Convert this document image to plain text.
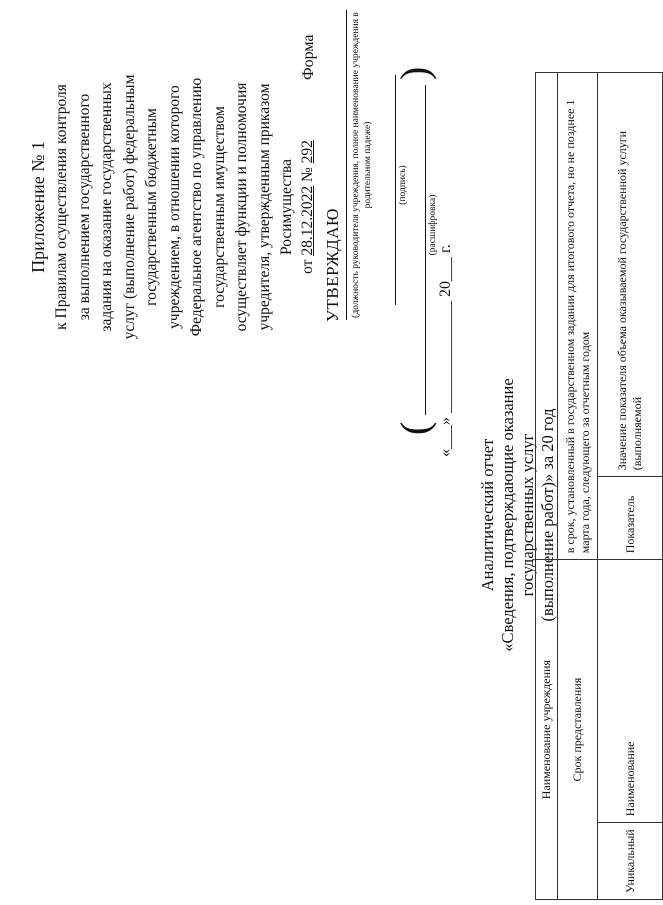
Приложение № 1 к Правилам осуществления контроля за выполнением государственного задания на оказание государственных услуг (выполнение работ) федеральным государственным бюджетным учреждением, в отношении которого Федеральное агентство по управлению государственным имуществом осуществляет функции и полномочия учредителя, утвержденным приказом Росимущества
от 28.12.2022 № 292
Форма
УТВЕРЖДАЮ (должность руководителя учреждения, полное наименование учреждения в родительном падеже)	(подпись)
(
)
(расшифровка)
«___» ______________ 20___ г.
Аналитический отчет «Сведения, подтверждающие оказание государственных услуг (выполнение работ)» за 20 год
Наименование учреждения			
Срок представления		в срок, установленный в государственном задании для итогового отчета, но не позднее 1 марта года, следующего за отчетным годом	
Уникальный	Наименование	Показатель	Значение показателя объема оказываемой государственной услуги (выполняемой
